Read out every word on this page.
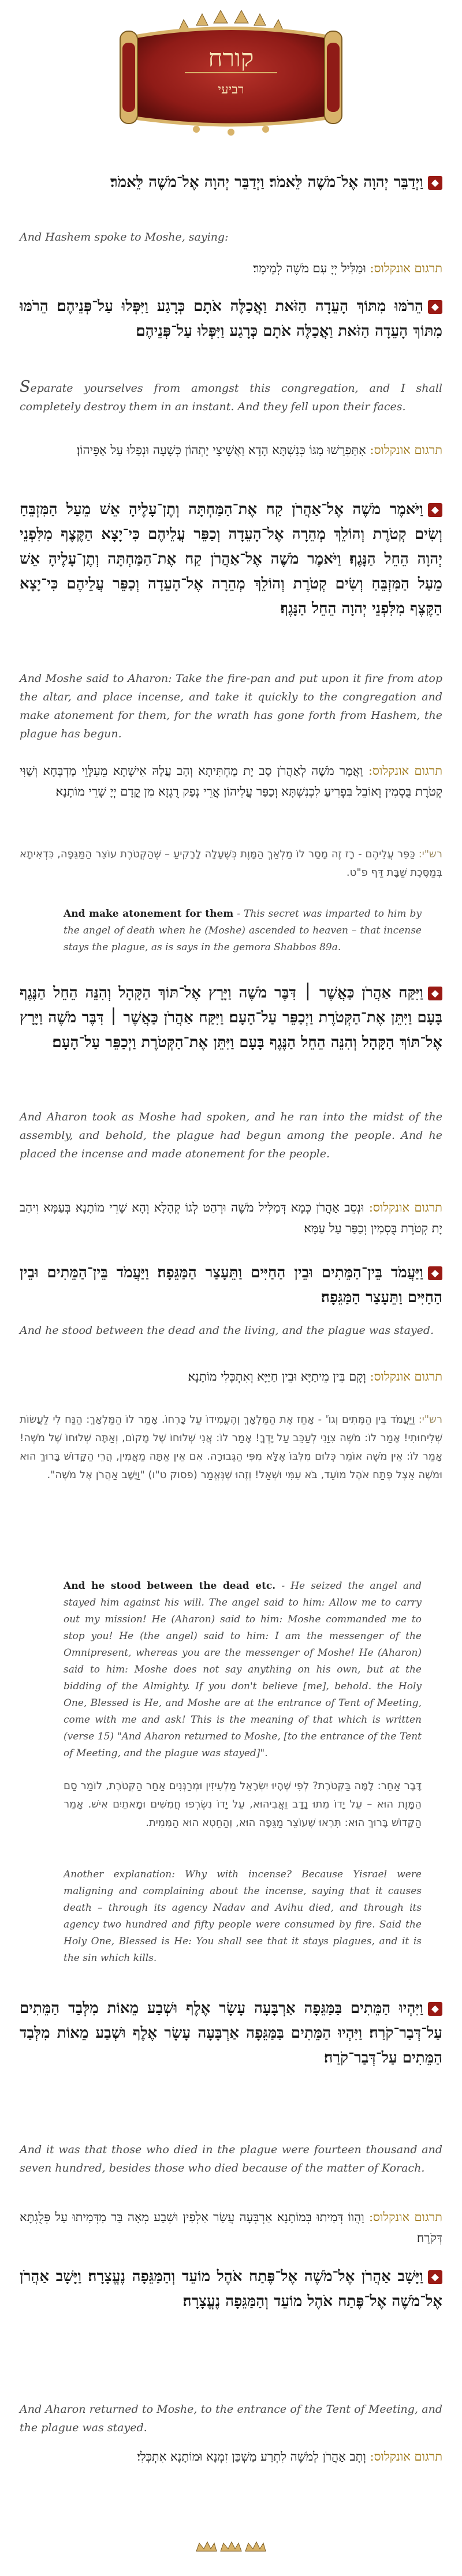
קורח
רביעי
◆וַיְדַבֵּר יְהוָה אֶל־מֹשֶׁה לֵּאמֹר׃ וַיְדַבֵּר יְהוָה אֶל־מֹשֶׁה לֵּאמֹר׃
And Hashem spoke to Moshe, saying:
תרגום אונקלוס: וּמַלִּיל יְיָ עִם מֹשֶׁה לְמֵימָר׃
◆הֵרֹמּוּ מִתּוֹךְ הָעֵדָה הַזֹּאת וַאֲכַלֶּה אֹתָם כְּרָגַע וַיִּפְּלוּ עַל־פְּנֵיהֶם׃ הֵרֹמּוּ מִתּוֹךְ הָעֵדָה הַזֹּאת וַאֲכַלֶּה אֹתָם כְּרָגַע וַיִּפְּלוּ עַל־פְּנֵיהֶם׃
Separate yourselves from amongst this congregation, and I shall completely destroy them in an instant. And they fell upon their faces.
תרגום אונקלוס: אִתַּפְרַשׁוּ מִגּוֹ כְּנִשְׁתָּא הָדָא וַאֲשֵׁיצֵי יָתְהוֹן כְּשָׁעָה וּנְפַלוּ עַל אַפֵּיהוֹן׃
◆וַיֹּאמֶר מֹשֶׁה אֶל־אַהֲרֹן קַח אֶת־הַמַּחְתָּה וְתֶן־עָלֶיהָ אֵשׁ מֵעַל הַמִּזְבֵּחַ וְשִׂים קְטֹרֶת וְהוֹלֵךְ מְהֵרָה אֶל־הָעֵדָה וְכַפֵּר עֲלֵיהֶם כִּי־יָצָא הַקֶּצֶף מִלִּפְנֵי יְהוָה הֵחֵל הַנָּגֶף׃ וַיֹּאמֶר מֹשֶׁה אֶל־אַהֲרֹן קַח אֶת־הַמַּחְתָּה וְתֶן־עָלֶיהָ אֵשׁ מֵעַל הַמִּזְבֵּחַ וְשִׂים קְטֹרֶת וְהוֹלֵךְ מְהֵרָה אֶל־הָעֵדָה וְכַפֵּר עֲלֵיהֶם כִּי־יָצָא הַקֶּצֶף מִלִּפְנֵי יְהוָה הֵחֵל הַנָּגֶף׃
And Moshe said to Aharon: Take the fire-pan and put upon it fire from atop the altar, and place incense, and take it quickly to the congregation and make atonement for them, for the wrath has gone forth from Hashem, the plague has begun.
תרגום אונקלוס: וַאֲמַר מֹשֶׁה לְאַהֲרֹן סַב יָת מַחְתִּיתָא וְהַב עֲלַהּ אִישָׁתָא מֵעִלָּוֵי מַדְבְּחָא וְשַׁוִּי קְטֹרֶת בֻּסְמִין וְאוֹבֵל בִּפְרִיעַ לִכְנִשְׁתָּא וְכַפַּר עֲלֵיהוֹן אֲרֵי נְפַק רֻגְזָא מִן קֳדָם יְיָ שָׁרֵי מוֹתָנָא׃
רש"י: כַּפֵּר עֲלֵיהֶם - רָז זֶה מָסַר לוֹ מַלְאַךְ הַמָּוֶת כְּשֶׁעָלָה לָרָקִיעַ – שֶׁהַקְּטֹרֶת עוֹצֵר הַמַּגֵּפָה, כִּדְאִיתָא בְּמַסֶּכֶת שַׁבָּת דַּף פ"ט.
And make atonement for them - This secret was imparted to him by the angel of death when he (Moshe) ascended to heaven – that incense stays the plague, as is says in the gemora Shabbos 89a.
◆וַיִּקַּח אַהֲרֹן כַּאֲשֶׁר ׀ דִּבֶּר מֹשֶׁה וַיָּרָץ אֶל־תּוֹךְ הַקָּהָל וְהִנֵּה הֵחֵל הַנֶּגֶף בָּעָם וַיִּתֵּן אֶת־הַקְּטֹרֶת וַיְכַפֵּר עַל־הָעָם׃ וַיִּקַּח אַהֲרֹן כַּאֲשֶׁר ׀ דִּבֶּר מֹשֶׁה וַיָּרָץ אֶל־תּוֹךְ הַקָּהָל וְהִנֵּה הֵחֵל הַנֶּגֶף בָּעָם וַיִּתֵּן אֶת־הַקְּטֹרֶת וַיְכַפֵּר עַל־הָעָם׃
And Aharon took as Moshe had spoken, and he ran into the midst of the assembly, and behold, the plague had begun among the people. And he placed the incense and made atonement for the people.
תרגום אונקלוס: וּנְסֵב אַהֲרֹן כְּמָא דְּמַלִּיל מֹשֶׁה וּרְהַט לְגוֹ קְהָלָא וְהָא שָׁרֵי מוֹתָנָא בְּעַמָּא וִיהַב יָת קְטֹרֶת בֻּסְמִין וְכַפַּר עַל עַמָּא׃
◆וַיַּעֲמֹד בֵּין־הַמֵּתִים וּבֵין הַחַיִּים וַתֵּעָצַר הַמַּגֵּפָה׃ וַיַּעֲמֹד בֵּין־הַמֵּתִים וּבֵין הַחַיִּים וַתֵּעָצַר הַמַּגֵּפָה׃
And he stood between the dead and the living, and the plague was stayed.
תרגום אונקלוס: וְקָם בֵּין מֵיתַיָּא וּבֵין חַיַּיָּא וְאִתְכְּלִי מוֹתָנָא׃
רש"י: וַיַּעֲמֹד בֵּין הַמֵּתִים וְגוֹ' - אָחַז אֶת הַמַּלְאָךְ וְהֶעֱמִידוֹ עַל כָּרְחוֹ. אָמַר לוֹ הַמַּלְאָךְ: הַנַּח לִי לַעֲשׂוֹת שְׁלִיחוּתִי! אָמַר לוֹ: מֹשֶׁה צִוַּנִי לְעַכֵּב עַל יָדְךָ! אָמַר לוֹ: אֲנִי שְׁלוּחוֹ שֶׁל מָקוֹם, וְאַתָּה שְׁלוּחוֹ שֶׁל מֹשֶׁה! אָמַר לוֹ: אֵין מֹשֶׁה אוֹמֵר כְּלוּם מִלִּבּוֹ אֶלָּא מִפִּי הַגְּבוּרָה. אִם אֵין אַתָּה מַאֲמִין, הֲרֵי הַקָּדוֹשׁ בָּרוּךְ הוּא וּמֹשֶׁה אֵצֶל פֶּתַח אֹהֶל מוֹעֵד, בֹּא עִמִּי וּשְׁאַל! וְזֶהוּ שֶׁנֶּאֱמַר (פסוק ט"ו) "וַיָּשָׁב אַהֲרֹן אֶל מֹשֶׁה".
And he stood between the dead etc. - He seized the angel and stayed him against his will. The angel said to him: Allow me to carry out my mission! He (Aharon) said to him: Moshe commanded me to stop you! He (the angel) said to him: I am the messenger of the Omnipresent, whereas you are the messenger of Moshe! He (Aharon) said to him: Moshe does not say anything on his own, but at the bidding of the Almighty. If you don't believe [me], behold. the Holy One, Blessed is He, and Moshe are at the entrance of Tent of Meeting, come with me and ask! This is the meaning of that which is written (verse 15) "And Aharon returned to Moshe, [to the entrance of the Tent of Meeting, and the plague was stayed]".
דָּבָר אַחֵר: לָמָּה בַּקְּטֹרֶת? לְפִי שֶׁהָיוּ יִשְׂרָאֵל מַלְעִיזִין וּמְרַנְּנִים אַחַר הַקְּטֹרֶת, לוֹמַר סַם הַמָּוֶת הוּא – עַל יָדוֹ מֵתוּ נָדָב וַאֲבִיהוּא, עַל יָדוֹ נִשְׂרְפוּ חֲמִשִּׁים וּמָאתַיִם אִישׁ. אָמַר הַקָּדוֹשׁ בָּרוּךְ הוּא: תִּרְאוּ שֶׁעוֹצֵר מַגֵּפָה הוּא, וְהַחֵטְא הוּא הַמְּמִית.
Another explanation: Why with incense? Because Yisrael were maligning and complaining about the incense, saying that it causes death – through its agency Nadav and Avihu died, and through its agency two hundred and fifty people were consumed by fire. Said the Holy One, Blessed is He: You shall see that it stays plagues, and it is the sin which kills.
◆וַיִּהְיוּ הַמֵּתִים בַּמַּגֵּפָה אַרְבָּעָה עָשָׂר אֶלֶף וּשְׁבַע מֵאוֹת מִלְּבַד הַמֵּתִים עַל־דְּבַר־קֹרַח׃ וַיִּהְיוּ הַמֵּתִים בַּמַּגֵּפָה אַרְבָּעָה עָשָׂר אֶלֶף וּשְׁבַע מֵאוֹת מִלְּבַד הַמֵּתִים עַל־דְּבַר־קֹרַח׃
And it was that those who died in the plague were fourteen thousand and seven hundred, besides those who died because of the matter of Korach.
תרגום אונקלוס: וַהֲווֹ דְּמִיתוּ בְּמוֹתָנָא אַרְבְּעָה עֲשַׂר אַלְפִין וּשְׁבַע מְאָה בַּר מִדְּמִיתוּ עַל פְּלֻגְתָּא דְּקֹרַח׃
◆וַיָּשָׁב אַהֲרֹן אֶל־מֹשֶׁה אֶל־פֶּתַח אֹהֶל מוֹעֵד וְהַמַּגֵּפָה נֶעֱצָרָה׃ וַיָּשָׁב אַהֲרֹן אֶל־מֹשֶׁה אֶל־פֶּתַח אֹהֶל מוֹעֵד וְהַמַּגֵּפָה נֶעֱצָרָה׃
And Aharon returned to Moshe, to the entrance of the Tent of Meeting, and the plague was stayed.
תרגום אונקלוס: וְתָב אַהֲרֹן לְמֹשֶׁה לִתְרַע מַשְׁכַּן זִמְנָא וּמוֹתָנָא אִתְכְּלִי׃
